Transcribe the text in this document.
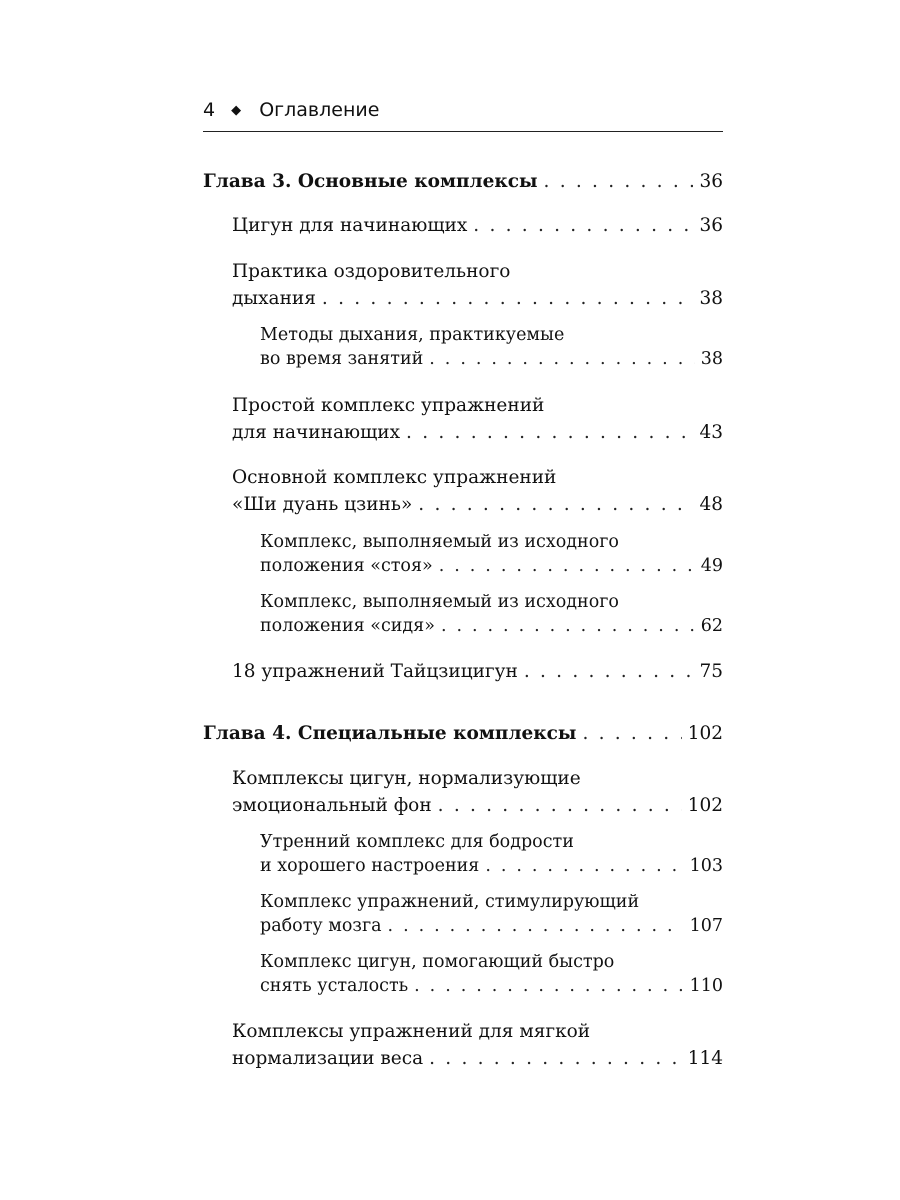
4 ◆ Оглавление
Глава 3. Основные комплексы . . .	36
Цигун для начинающих . . .	36
Практика оздоровительного
дыхания . . .	38
Методы дыхания, практикуемые
во время занятий . . .	38
Простой комплекс упражнений
для начинающих . . .	43
Основной комплекс упражнений
«Ши дуань цзинь» . . .	48
Комплекс, выполняемый из исходного
положения «стоя» . . .	49
Комплекс, выполняемый из исходного
положения «сидя» . . .	62
18 упражнений Тайцзицигун . . .	75
Глава 4. Специальные комплексы . . .	102
Комплексы цигун, нормализующие
эмоциональный фон . . .	102
Утренний комплекс для бодрости
и хорошего настроения . . .	103
Комплекс упражнений, стимулирующий
работу мозга . . .	107
Комплекс цигун, помогающий быстро
снять усталость . . .	110
Комплексы упражнений для мягкой
нормализации веса . . .	114
